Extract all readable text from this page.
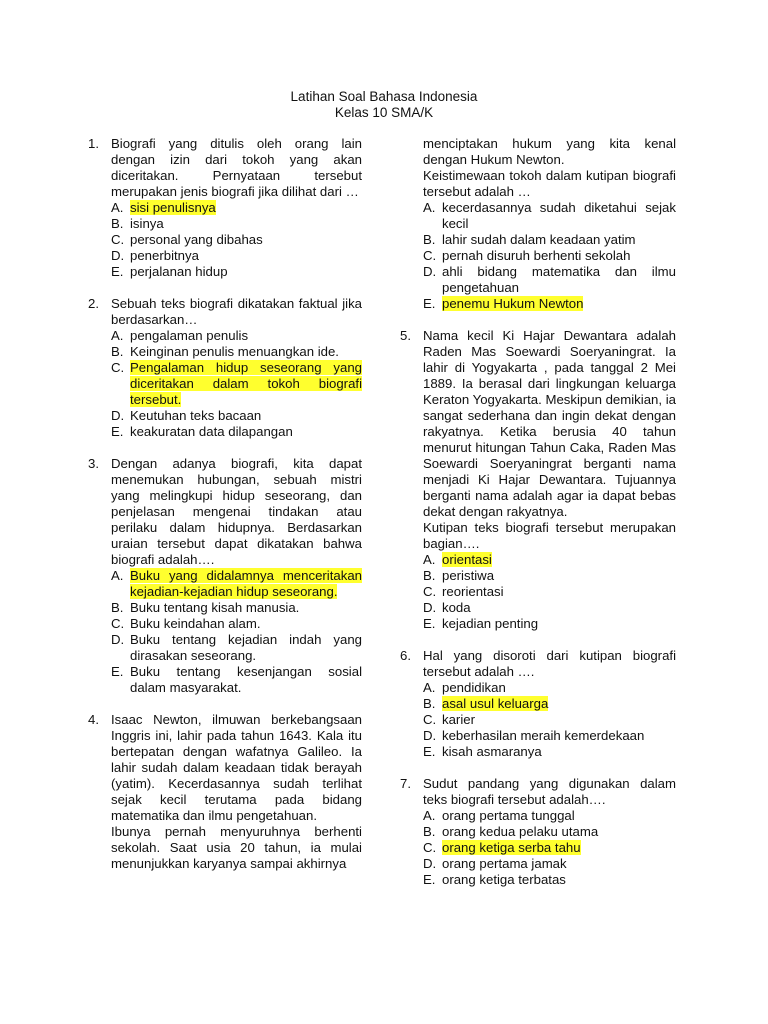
Latihan Soal Bahasa Indonesia
Kelas 10 SMA/K
1. Biografi yang ditulis oleh orang lain dengan izin dari tokoh yang akan diceritakan. Pernyataan tersebut merupakan jenis biografi jika dilihat dari …
A. sisi penulisnya
B. isinya
C. personal yang dibahas
D. penerbitnya
E. perjalanan hidup
2. Sebuah teks biografi dikatakan faktual jika berdasarkan…
A. pengalaman penulis
B. Keinginan penulis menuangkan ide.
C. Pengalaman hidup seseorang yang diceritakan dalam tokoh biografi tersebut.
D. Keutuhan teks bacaan
E. keakuratan data dilapangan
3. Dengan adanya biografi, kita dapat menemukan hubungan, sebuah mistri yang melingkupi hidup seseorang, dan penjelasan mengenai tindakan atau perilaku dalam hidupnya. Berdasarkan uraian tersebut dapat dikatakan bahwa biografi adalah….
A. Buku yang didalamnya menceritakan kejadian-kejadian hidup seseorang.
B. Buku tentang kisah manusia.
C. Buku keindahan alam.
D. Buku tentang kejadian indah yang dirasakan seseorang.
E. Buku tentang kesenjangan sosial dalam masyarakat.
4. Isaac Newton, ilmuwan berkebangsaan Inggris ini, lahir pada tahun 1643. Kala itu bertepatan dengan wafatnya Galileo. Ia lahir sudah dalam keadaan tidak berayah (yatim). Kecerdasannya sudah terlihat sejak kecil terutama pada bidang matematika dan ilmu pengetahuan.
Ibunya pernah menyuruhnya berhenti sekolah. Saat usia 20 tahun, ia mulai menunjukkan karyanya sampai akhirnya
menciptakan hukum yang kita kenal dengan Hukum Newton.
Keistimewaan tokoh dalam kutipan biografi tersebut adalah …
A. kecerdasannya sudah diketahui sejak kecil
B. lahir sudah dalam keadaan yatim
C. pernah disuruh berhenti sekolah
D. ahli bidang matematika dan ilmu pengetahuan
E. penemu Hukum Newton
5. Nama kecil Ki Hajar Dewantara adalah Raden Mas Soewardi Soeryaningrat. Ia lahir di Yogyakarta , pada tanggal 2 Mei 1889. Ia berasal dari lingkungan keluarga Keraton Yogyakarta. Meskipun demikian, ia sangat sederhana dan ingin dekat dengan rakyatnya. Ketika berusia 40 tahun menurut hitungan Tahun Caka, Raden Mas Soewardi Soeryaningrat berganti nama menjadi Ki Hajar Dewantara. Tujuannya berganti nama adalah agar ia dapat bebas dekat dengan rakyatnya.
Kutipan teks biografi tersebut merupakan bagian….
A. orientasi
B. peristiwa
C. reorientasi
D. koda
E. kejadian penting
6. Hal yang disoroti dari kutipan biografi tersebut adalah ….
A. pendidikan
B. asal usul keluarga
C. karier
D. keberhasilan meraih kemerdekaan
E. kisah asmaranya
7. Sudut pandang yang digunakan dalam teks biografi tersebut adalah….
A. orang pertama tunggal
B. orang kedua pelaku utama
C. orang ketiga serba tahu
D. orang pertama jamak
E. orang ketiga terbatas
